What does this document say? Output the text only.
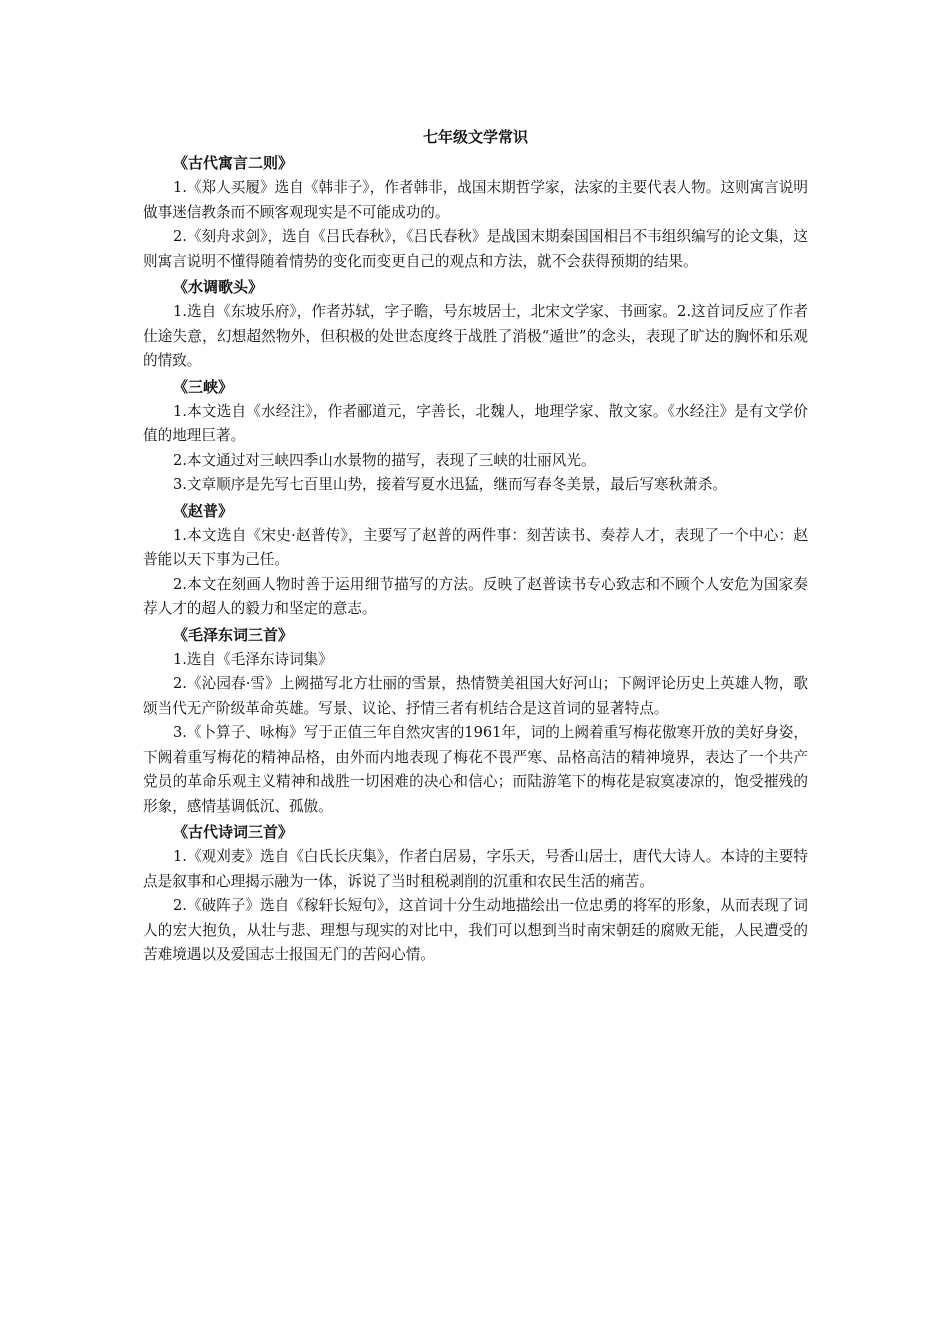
七年级文学常识

《古代寓言二则》

1.《郑人买履》选自《韩非子》，作者韩非，战国末期哲学家，法家的主要代表人物。这则寓言说明做事迷信教条而不顾客观现实是不可能成功的。

2.《刻舟求剑》，选自《吕氏春秋》，《吕氏春秋》是战国末期秦国国相吕不韦组织编写的论文集，这则寓言说明不懂得随着情势的变化而变更自己的观点和方法，就不会获得预期的结果。

《水调歌头》

1.选自《东坡乐府》，作者苏轼，字子瞻，号东坡居士，北宋文学家、书画家。2.这首词反应了作者仕途失意，幻想超然物外，但积极的处世态度终于战胜了消极“遁世”的念头，表现了旷达的胸怀和乐观的情致。

《三峡》

1.本文选自《水经注》，作者郦道元，字善长，北魏人，地理学家、散文家。《水经注》是有文学价值的地理巨著。

2.本文通过对三峡四季山水景物的描写，表现了三峡的壮丽风光。

3.文章顺序是先写七百里山势，接着写夏水迅猛，继而写春冬美景，最后写寒秋萧杀。

《赵普》

1.本文选自《宋史·赵普传》，主要写了赵普的两件事：刻苦读书、奏荐人才，表现了一个中心：赵普能以天下事为己任。

2.本文在刻画人物时善于运用细节描写的方法。反映了赵普读书专心致志和不顾个人安危为国家奏荐人才的超人的毅力和坚定的意志。

《毛泽东词三首》

1.选自《毛泽东诗词集》

2.《沁园春·雪》上阙描写北方壮丽的雪景，热情赞美祖国大好河山；下阙评论历史上英雄人物，歌颂当代无产阶级革命英雄。写景、议论、抒情三者有机结合是这首词的显著特点。

3.《卜算子、咏梅》写于正值三年自然灾害的1961年，词的上阙着重写梅花傲寒开放的美好身姿，下阙着重写梅花的精神品格，由外而内地表现了梅花不畏严寒、品格高洁的精神境界，表达了一个共产党员的革命乐观主义精神和战胜一切困难的决心和信心；而陆游笔下的梅花是寂寞凄凉的，饱受摧残的形象，感情基调低沉、孤傲。

《古代诗词三首》

1.《观刈麦》选自《白氏长庆集》，作者白居易，字乐天，号香山居士，唐代大诗人。本诗的主要特点是叙事和心理揭示融为一体，诉说了当时租税剥削的沉重和农民生活的痛苦。

2.《破阵子》选自《稼轩长短句》，这首词十分生动地描绘出一位忠勇的将军的形象，从而表现了词人的宏大抱负，从壮与悲、理想与现实的对比中，我们可以想到当时南宋朝廷的腐败无能，人民遭受的苦难境遇以及爱国志士报国无门的苦闷心情。
